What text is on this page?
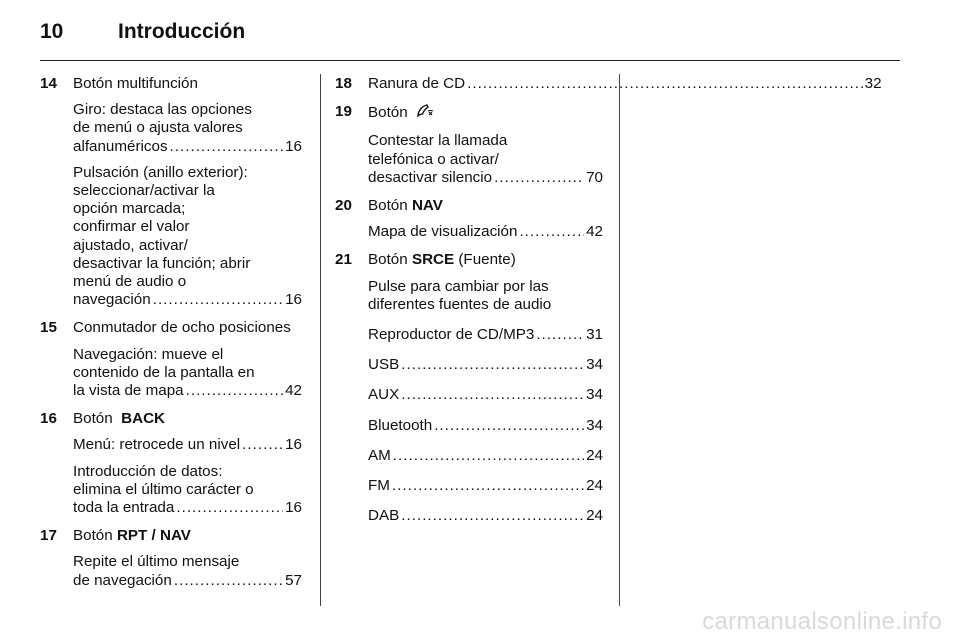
10	Introducción
14	Botón multifunción
Giro: destaca las opciones
de menú o ajusta valores
alfanuméricos . . .	16
Pulsación (anillo exterior):
seleccionar/activar la
opción marcada;
confirmar el valor
ajustado, activar/
desactivar la función; abrir
menú de audio o
navegación . . .	16
15	Conmutador de ocho posiciones
Navegación: mueve el
contenido de la pantalla en
la vista de mapa . . .	42
16	Botón BACK
Menú: retrocede un nivel . . .	16
Introducción de datos:
elimina el último carácter o
toda la entrada . . .	16
17	Botón RPT / NAV
Repite el último mensaje
de navegación . . .	57
18	Ranura de CD . . .	32
19	Botón
Contestar la llamada
telefónica o activar/
desactivar silencio . . .	70
20	Botón NAV
Mapa de visualización . . .	42
21	Botón SRCE (Fuente)
Pulse para cambiar por las
diferentes fuentes de audio
Reproductor de CD/MP3 . . .	31
USB . . .	34
AUX . . .	34
Bluetooth . . .	34
AM . . .	24
FM . . .	24
DAB . . .	24
carmanualsonline.info
